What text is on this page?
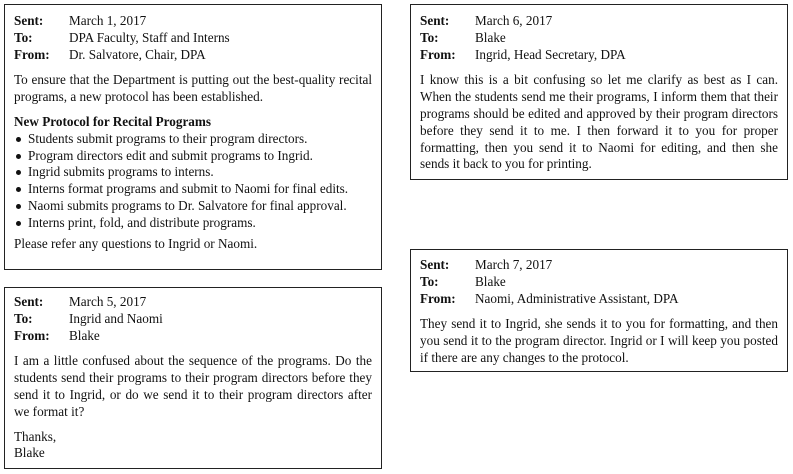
Sent:	March 1, 2017
To:	DPA Faculty, Staff and Interns
From:	Dr. Salvatore, Chair, DPA

To ensure that the Department is putting out the best-quality recital programs, a new protocol has been established.

New Protocol for Recital Programs

Students submit programs to their program directors.
Program directors edit and submit programs to Ingrid.
Ingrid submits programs to interns.
Interns format programs and submit to Naomi for final edits.
Naomi submits programs to Dr. Salvatore for final approval.
Interns print, fold, and distribute programs.

Please refer any questions to Ingrid or Naomi.

Sent:	March 5, 2017
To:	Ingrid and Naomi
From:	Blake

I am a little confused about the sequence of the programs. Do the students send their programs to their program directors before they send it to Ingrid, or do we send it to their program directors after we format it?

Thanks,

Blake

Sent:	March 6, 2017
To:	Blake
From:	Ingrid, Head Secretary, DPA

I know this is a bit confusing so let me clarify as best as I can. When the students send me their programs, I inform them that their programs should be edited and approved by their program directors before they send it to me. I then forward it to you for proper formatting, then you send it to Naomi for editing, and then she sends it back to you for printing.

Sent:	March 7, 2017
To:	Blake
From:	Naomi, Administrative Assistant, DPA

They send it to Ingrid, she sends it to you for formatting, and then you send it to the program director. Ingrid or I will keep you posted if there are any changes to the protocol.
